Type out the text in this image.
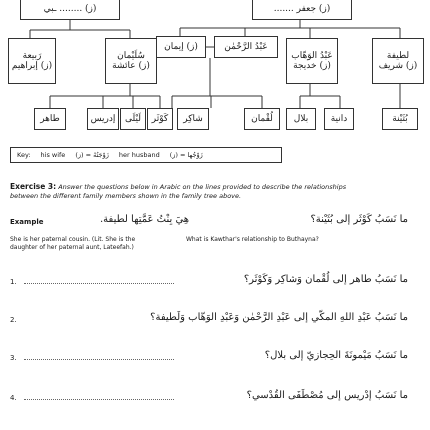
(ز) ........ ـبي	(ز) جعفر .......
رَبيعة
(ز) إبراهيم
سُلَيْمان
(ز) عائشة
(ز) إيمان	عَبْدُ الرَّحْمٰن
عَبْدُ الوَهّاب
(ز) خديجة
لطيفة
(ز) شريف
طاهر	إدريس لَيْلَى كَوْثَر شاكِر	لُقْمان بلال	دانية	بُثَيْنة
Key: his wife زَوْجَتُهُ = (ز) her husband زَوْجُها = (ز)
Exercise 3: Answer the questions below in Arabic on the lines provided to describe the relationships
between the different family members shown in the family tree above.
Example	هِيَ بِنْتُ عَمَّتِها لطيفة.	ما نَسَبُ كَوْثَر إلى بُثَيْنة؟
She is her paternal cousin. (Lit. She is the daughter of her paternal aunt, Lateefah.)
What is Kawthar's relationship to Buthayna?
1.	ما نَسَبُ طاهر إلى لُقْمان وَشاكِر وَكَوْثَر؟
2.	ما نَسَبُ عَبْدِ اللهِ المكّي إلى عَبْدِ الرَّحْمٰن وَعَبْدِ الوَهّاب وَلَطيفة؟
3.	ما نَسَبُ مَيْمونَةَ الحِجازيّ إلى بلال؟
4.	ما نَسَبُ إدْريس إلى مُصْطَفَى القُدْسي؟
